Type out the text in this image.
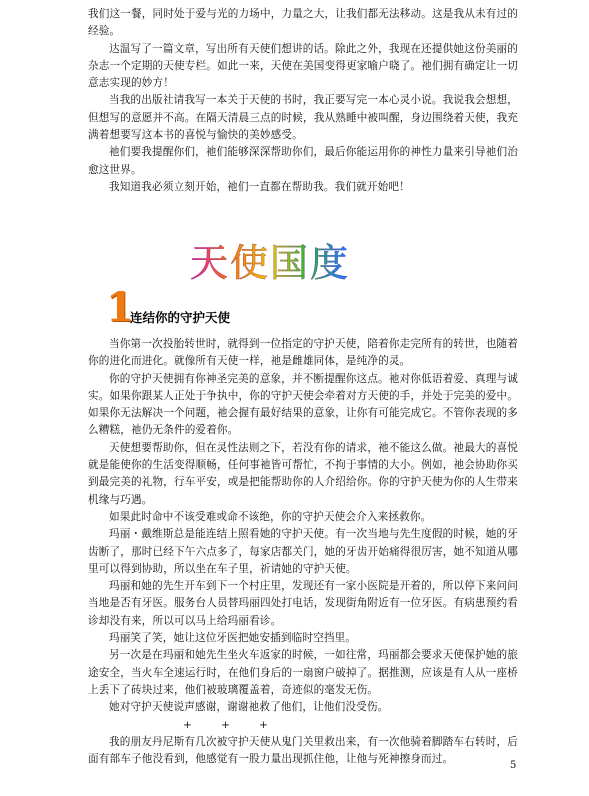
我们这一餐，同时处于爱与光的力场中，力量之大，让我们都无法移动。这是我从未有过的经验。

达温写了一篇文章，写出所有天使们想讲的话。除此之外，我现在还提供她这份美丽的杂志一个定期的天使专栏。如此一来，天使在美国变得更家喻户晓了。祂们拥有确定让一切意志实现的妙方！

当我的出版社请我写一本关于天使的书时，我正要写完一本心灵小说。我说我会想想，但想写的意愿并不高。在隔天清晨三点的时候，我从熟睡中被叫醒，身边围绕着天使，我充满着想要写这本书的喜悦与愉快的美妙感受。

祂们要我提醒你们，祂们能够深深帮助你们，最后你能运用你的神性力量来引导祂们治愈这世界。

我知道我必须立刻开始，祂们一直都在帮助我。我们就开始吧！

天使国度
1
连结你的守护天使

当你第一次投胎转世时，就得到一位指定的守护天使，陪着你走完所有的转世，也随着你的进化而进化。就像所有天使一样，祂是雌雄同体，是纯净的灵。

你的守护天使拥有你神圣完美的意象，并不断提醒你这点。祂对你低语着爱、真理与诚实。如果你跟某人正处于争执中，你的守护天使会牵着对方天使的手，并处于完美的爱中。如果你无法解决一个问题，祂会握有最好结果的意象，让你有可能完成它。不管你表现的多么糟糕，祂仍无条件的爱着你。

天使想要帮助你，但在灵性法则之下，若没有你的请求，祂不能这么做。祂最大的喜悦就是能使你的生活变得顺畅，任何事祂皆可帮忙，不拘于事情的大小。例如，祂会协助你买到最完美的礼物，行车平安，或是把能帮助你的人介绍给你。你的守护天使为你的人生带来机缘与巧遇。

如果此时命中不该受难或命不该绝，你的守护天使会介入来拯救你。

玛丽・戴维斯总是能连结上照看她的守护天使。有一次当地与先生度假的时候，她的牙齿断了，那时已经下午六点多了，每家店都关门，她的牙齿开始痛得很厉害，她不知道从哪里可以得到协助，所以坐在车子里，祈请她的守护天使。

玛丽和她的先生开车到下一个村庄里，发现还有一家小医院是开着的，所以停下来问问当地是否有牙医。服务台人员替玛丽四处打电话，发现街角附近有一位牙医。有病患预约看诊却没有来，所以可以马上给玛丽看诊。

玛丽笑了笑，她让这位牙医把她安插到临时空挡里。

另一次是在玛丽和她先生坐火车返家的时候，一如往常，玛丽都会要求天使保护她的旅途安全，当火车全速运行时，在他们身后的一扇窗户破掉了。据推测，应该是有人从一座桥上丢下了砖块过来，他们被玻璃覆盖着，奇迹似的毫发无伤。

她对守护天使说声感谢，谢谢祂救了他们，让他们没受伤。

+	+	+

我的朋友丹尼斯有几次被守护天使从鬼门关里救出来，有一次他骑着脚踏车右转时，后面有部车子他没看到，他感觉有一股力量出现抓住他，让他与死神擦身而过。

5
